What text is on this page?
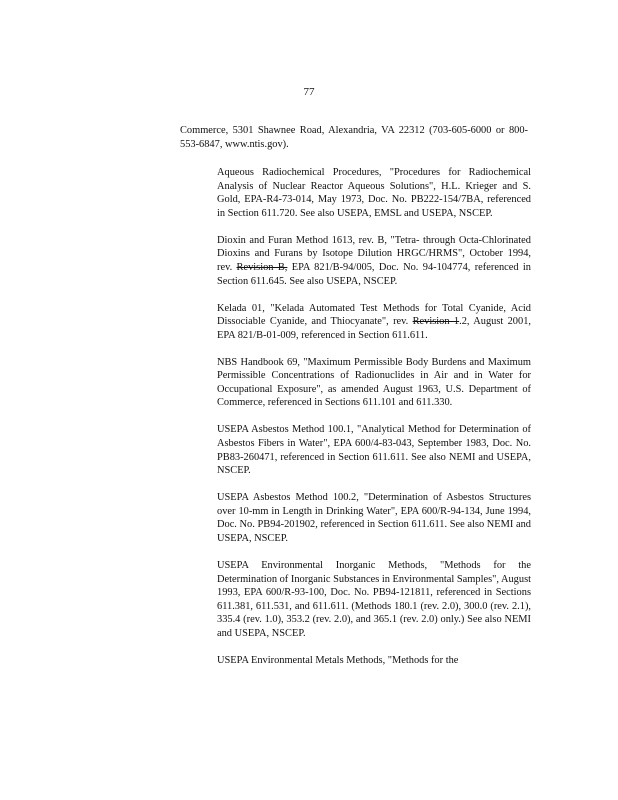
77
Commerce, 5301 Shawnee Road, Alexandria, VA 22312 (703-605-6000 or 800-553-6847, www.ntis.gov).

Aqueous Radiochemical Procedures, "Procedures for Radiochemical Analysis of Nuclear Reactor Aqueous Solutions", H.L. Krieger and S. Gold, EPA-R4-73-014, May 1973, Doc. No. PB222-154/7BA, referenced in Section 611.720. See also USEPA, EMSL and USEPA, NSCEP.

Dioxin and Furan Method 1613, rev. B, "Tetra- through Octa-Chlorinated Dioxins and Furans by Isotope Dilution HRGC/HRMS", October 1994, rev. Revision B, EPA 821/B-94/005, Doc. No. 94-104774, referenced in Section 611.645. See also USEPA, NSCEP.

Kelada 01, "Kelada Automated Test Methods for Total Cyanide, Acid Dissociable Cyanide, and Thiocyanate", rev. Revision 1.2, August 2001, EPA 821/B-01-009, referenced in Section 611.611.

NBS Handbook 69, "Maximum Permissible Body Burdens and Maximum Permissible Concentrations of Radionuclides in Air and in Water for Occupational Exposure", as amended August 1963, U.S. Department of Commerce, referenced in Sections 611.101 and 611.330.

USEPA Asbestos Method 100.1, "Analytical Method for Determination of Asbestos Fibers in Water", EPA 600/4-83-043, September 1983, Doc. No. PB83-260471, referenced in Section 611.611. See also NEMI and USEPA, NSCEP.

USEPA Asbestos Method 100.2, "Determination of Asbestos Structures over 10-mm in Length in Drinking Water", EPA 600/R-94-134, June 1994, Doc. No. PB94-201902, referenced in Section 611.611. See also NEMI and USEPA, NSCEP.

USEPA Environmental Inorganic Methods, "Methods for the Determination of Inorganic Substances in Environmental Samples", August 1993, EPA 600/R-93-100, Doc. No. PB94-121811, referenced in Sections 611.381, 611.531, and 611.611. (Methods 180.1 (rev. 2.0), 300.0 (rev. 2.1), 335.4 (rev. 1.0), 353.2 (rev. 2.0), and 365.1 (rev. 2.0) only.) See also NEMI and USEPA, NSCEP.

USEPA Environmental Metals Methods, "Methods for the
